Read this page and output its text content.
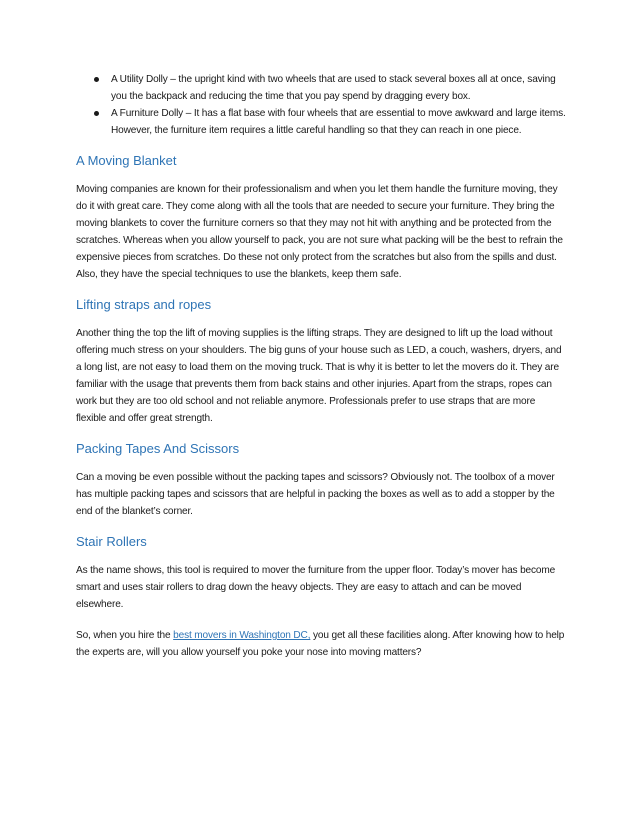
A Utility Dolly – the upright kind with two wheels that are used to stack several boxes all at once, saving you the backpack and reducing the time that you pay spend by dragging every box.
A Furniture Dolly – It has a flat base with four wheels that are essential to move awkward and large items. However, the furniture item requires a little careful handling so that they can reach in one piece.
A Moving Blanket

Moving companies are known for their professionalism and when you let them handle the furniture moving, they do it with great care. They come along with all the tools that are needed to secure your furniture. They bring the moving blankets to cover the furniture corners so that they may not hit with anything and be protected from the scratches. Whereas when you allow yourself to pack, you are not sure what packing will be the best to refrain the expensive pieces from scratches. Do these not only protect from the scratches but also from the spills and dust. Also, they have the special techniques to use the blankets, keep them safe.

Lifting straps and ropes

Another thing the top the lift of moving supplies is the lifting straps. They are designed to lift up the load without offering much stress on your shoulders. The big guns of your house such as LED, a couch, washers, dryers, and a long list, are not easy to load them on the moving truck. That is why it is better to let the movers do it. They are familiar with the usage that prevents them from back stains and other injuries. Apart from the straps, ropes can work but they are too old school and not reliable anymore. Professionals prefer to use straps that are more flexible and offer great strength.

Packing Tapes And Scissors

Can a moving be even possible without the packing tapes and scissors? Obviously not. The toolbox of a mover has multiple packing tapes and scissors that are helpful in packing the boxes as well as to add a stopper by the end of the blanket’s corner.

Stair Rollers

As the name shows, this tool is required to mover the furniture from the upper floor. Today’s mover has become smart and uses stair rollers to drag down the heavy objects. They are easy to attach and can be moved elsewhere.

So, when you hire the best movers in Washington DC, you get all these facilities along. After knowing how to help the experts are, will you allow yourself you poke your nose into moving matters?
